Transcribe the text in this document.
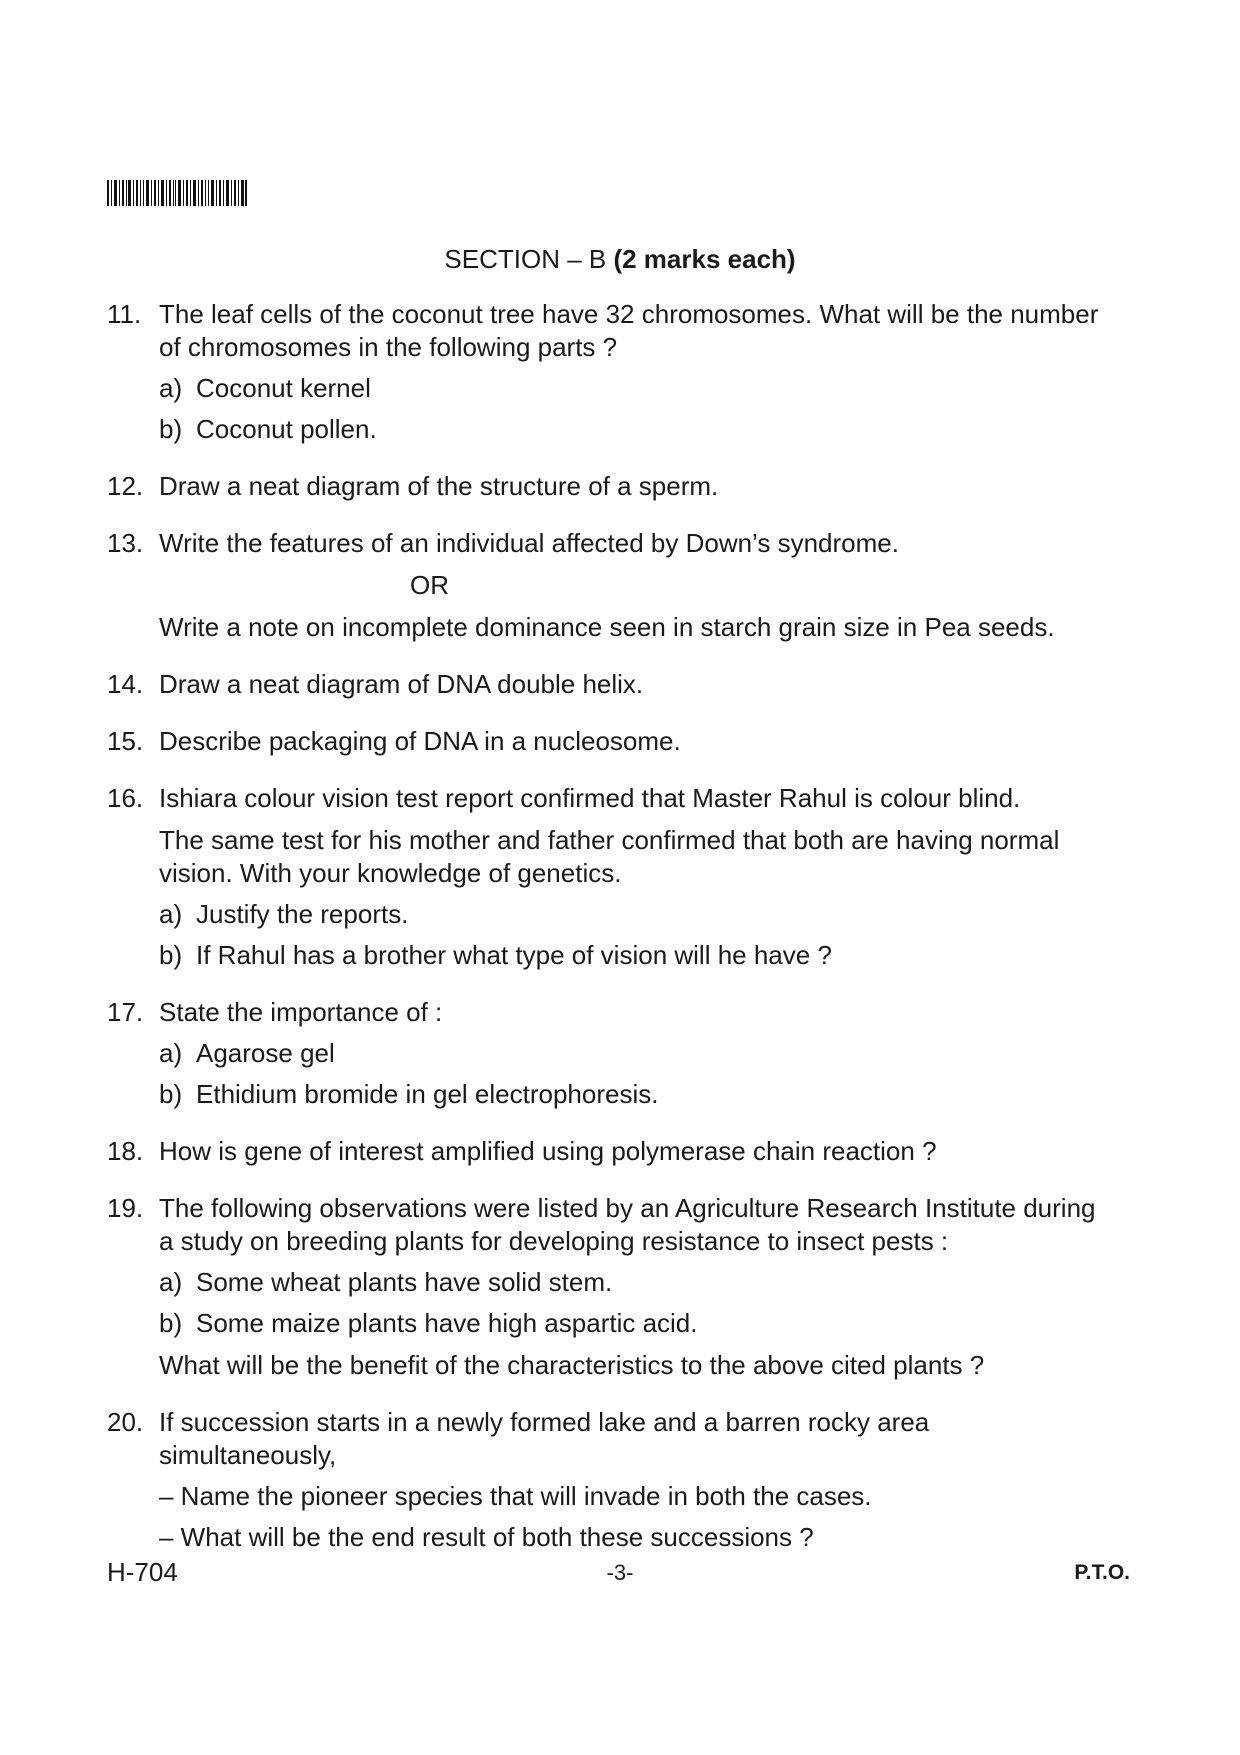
SECTION – B (2 marks each)
11. The leaf cells of the coconut tree have 32 chromosomes. What will be the number of chromosomes in the following parts ?
a) Coconut kernel
b) Coconut pollen.
12. Draw a neat diagram of the structure of a sperm.
13. Write the features of an individual affected by Down’s syndrome.
OR
Write a note on incomplete dominance seen in starch grain size in Pea seeds.
14. Draw a neat diagram of DNA double helix.
15. Describe packaging of DNA in a nucleosome.
16. Ishiara colour vision test report confirmed that Master Rahul is colour blind.
The same test for his mother and father confirmed that both are having normal vision. With your knowledge of genetics.
a) Justify the reports.
b) If Rahul has a brother what type of vision will he have ?
17. State the importance of :
a) Agarose gel
b) Ethidium bromide in gel electrophoresis.
18. How is gene of interest amplified using polymerase chain reaction ?
19. The following observations were listed by an Agriculture Research Institute during a study on breeding plants for developing resistance to insect pests :
a) Some wheat plants have solid stem.
b) Some maize plants have high aspartic acid.
What will be the benefit of the characteristics to the above cited plants ?
20. If succession starts in a newly formed lake and a barren rocky area simultaneously,
– Name the pioneer species that will invade in both the cases.
– What will be the end result of both these successions ?
H-704	-3-	P.T.O.
